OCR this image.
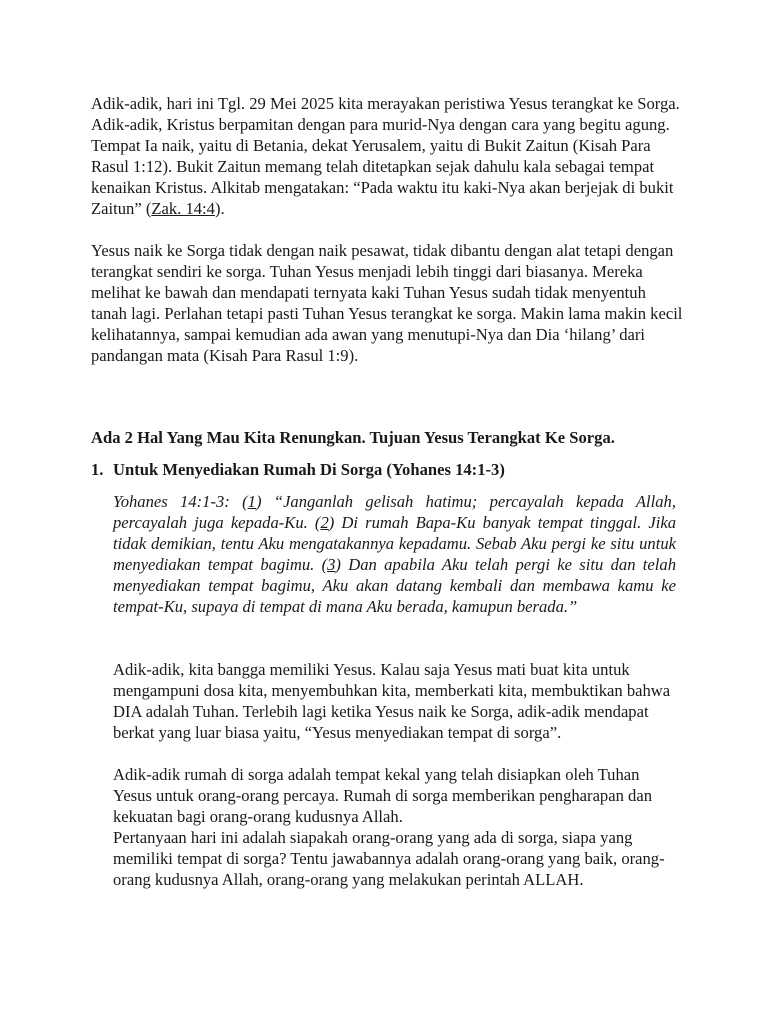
Adik-adik, hari ini Tgl. 29 Mei 2025 kita merayakan peristiwa Yesus terangkat ke Sorga.

Adik-adik, Kristus berpamitan dengan para murid-Nya dengan cara yang begitu agung. Tempat Ia naik, yaitu di Betania, dekat Yerusalem, yaitu di Bukit Zaitun (Kisah Para Rasul 1:12). Bukit Zaitun memang telah ditetapkan sejak dahulu kala sebagai tempat kenaikan Kristus. Alkitab mengatakan: “Pada waktu itu kaki-Nya akan berjejak di bukit Zaitun” (Zak. 14:4).

Yesus naik ke Sorga tidak dengan naik pesawat, tidak dibantu dengan alat tetapi dengan terangkat sendiri ke sorga. Tuhan Yesus menjadi lebih tinggi dari biasanya. Mereka melihat ke bawah dan mendapati ternyata kaki Tuhan Yesus sudah tidak menyentuh tanah lagi. Perlahan tetapi pasti Tuhan Yesus terangkat ke sorga. Makin lama makin kecil kelihatannya, sampai kemudian ada awan yang menutupi-Nya dan Dia ‘hilang’ dari pandangan mata (Kisah Para Rasul 1:9).

Ada 2 Hal Yang Mau Kita Renungkan. Tujuan Yesus Terangkat Ke Sorga.

1. Untuk Menyediakan Rumah Di Sorga (Yohanes 14:1-3)

Yohanes 14:1-3: (1) “Janganlah gelisah hatimu; percayalah kepada Allah, percayalah juga kepada-Ku. (2) Di rumah Bapa-Ku banyak tempat tinggal. Jika tidak demikian, tentu Aku mengatakannya kepadamu. Sebab Aku pergi ke situ untuk menyediakan tempat bagimu. (3) Dan apabila Aku telah pergi ke situ dan telah menyediakan tempat bagimu, Aku akan datang kembali dan membawa kamu ke tempat-Ku, supaya di tempat di mana Aku berada, kamupun berada.”

Adik-adik, kita bangga memiliki Yesus. Kalau saja Yesus mati buat kita untuk mengampuni dosa kita, menyembuhkan kita, memberkati kita, membuktikan bahwa DIA adalah Tuhan. Terlebih lagi ketika Yesus naik ke Sorga, adik-adik mendapat berkat yang luar biasa yaitu, “Yesus menyediakan tempat di sorga”.

Adik-adik rumah di sorga adalah tempat kekal yang telah disiapkan oleh Tuhan Yesus untuk orang-orang percaya. Rumah di sorga memberikan pengharapan dan kekuatan bagi orang-orang kudusnya Allah.

Pertanyaan hari ini adalah siapakah orang-orang yang ada di sorga, siapa yang memiliki tempat di sorga? Tentu jawabannya adalah orang-orang yang baik, orang-orang kudusnya Allah, orang-orang yang melakukan perintah ALLAH.
